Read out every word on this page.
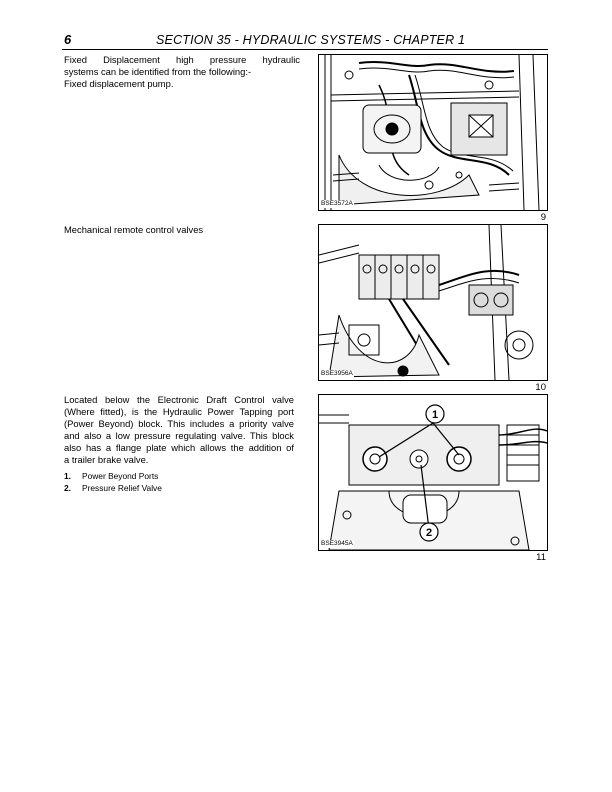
6	SECTION 35 - HYDRAULIC SYSTEMS - CHAPTER 1
Fixed Displacement high pressure hydraulic
systems can be identified from the following:-
Fixed displacement pump.
BSE3572A
9
Mechanical remote control valves
BSE3956A
10
Located below the Electronic Draft Control valve
(Where fitted), is the Hydraulic Power Tapping port
(Power Beyond) block. This includes a priority valve
and also a low pressure regulating valve. This block
also has a flange plate which allows the addition of
a trailer brake valve.
1.	Power Beyond Ports
2.	Pressure Relief Valve
1
2
BSE3945A
11
